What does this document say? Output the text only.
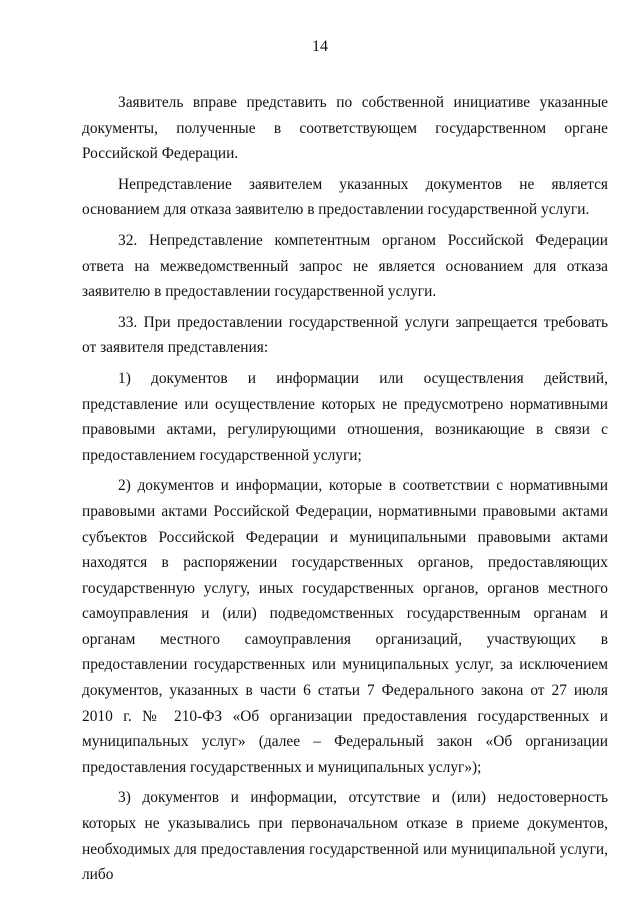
14

Заявитель вправе представить по собственной инициативе указанные документы, полученные в соответствующем государственном органе Российской Федерации.

Непредставление заявителем указанных документов не является основанием для отказа заявителю в предоставлении государственной услуги.

32. Непредставление компетентным органом Российской Федерации ответа на межведомственный запрос не является основанием для отказа заявителю в предоставлении государственной услуги.

33. При предоставлении государственной услуги запрещается требовать от заявителя представления:

1) документов и информации или осуществления действий, представление или осуществление которых не предусмотрено нормативными правовыми актами, регулирующими отношения, возникающие в связи с предоставлением государственной услуги;

2) документов и информации, которые в соответствии с нормативными правовыми актами Российской Федерации, нормативными правовыми актами субъектов Российской Федерации и муниципальными правовыми актами находятся в распоряжении государственных органов, предоставляющих государственную услугу, иных государственных органов, органов местного самоуправления и (или) подведомственных государственным органам и органам местного самоуправления организаций, участвующих в предоставлении государственных или муниципальных услуг, за исключением документов, указанных в части 6 статьи 7 Федерального закона от 27 июля 2010 г. № 210-ФЗ «Об организации предоставления государственных и муниципальных услуг» (далее – Федеральный закон «Об организации предоставления государственных и муниципальных услуг»);

3) документов и информации, отсутствие и (или) недостоверность которых не указывались при первоначальном отказе в приеме документов, необходимых для предоставления государственной или муниципальной услуги, либо
